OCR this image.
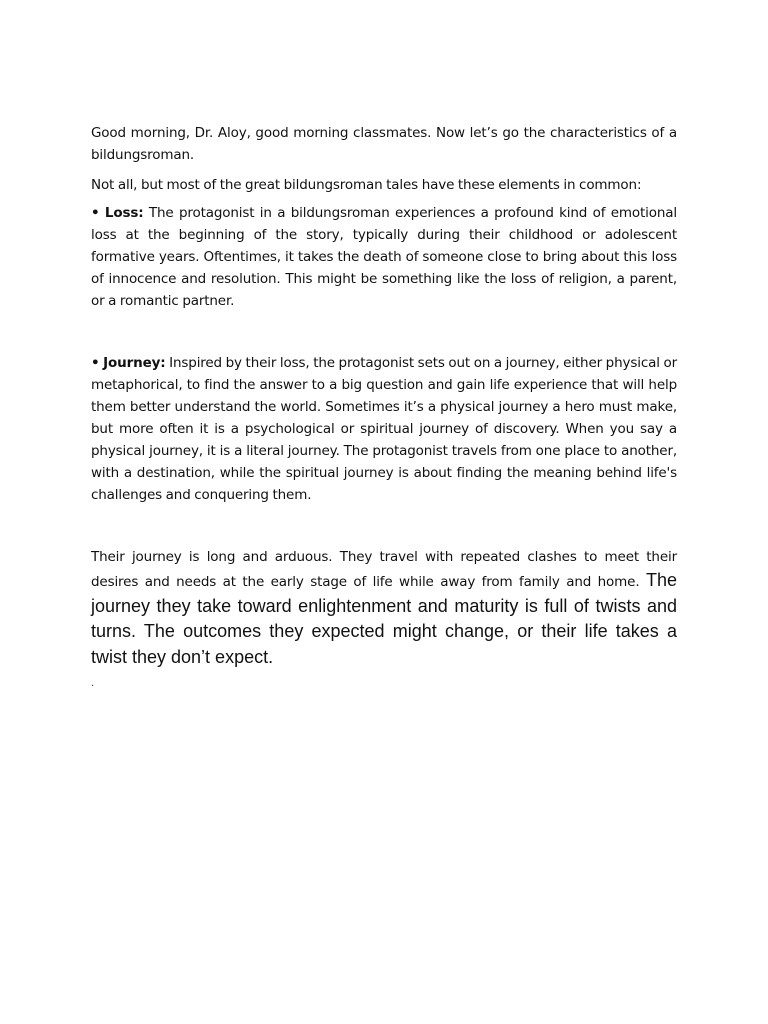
Good morning, Dr. Aloy, good morning classmates. Now let’s go the characteristics of a bildungsroman.

Not all, but most of the great bildungsroman tales have these elements in common:

• Loss: The protagonist in a bildungsroman experiences a profound kind of emotional loss at the beginning of the story, typically during their childhood or adolescent formative years. Oftentimes, it takes the death of someone close to bring about this loss of innocence and resolution. This might be something like the loss of religion, a parent, or a romantic partner.

• Journey: Inspired by their loss, the protagonist sets out on a journey, either physical or metaphorical, to find the answer to a big question and gain life experience that will help them better understand the world. Sometimes it’s a physical journey a hero must make, but more often it is a psychological or spiritual journey of discovery. When you say a physical journey, it is a literal journey. The protagonist travels from one place to another, with a destination, while the spiritual journey is about finding the meaning behind life's challenges and conquering them.

Their journey is long and arduous. They travel with repeated clashes to meet their desires and needs at the early stage of life while away from family and home. The journey they take toward enlightenment and maturity is full of twists and turns. The outcomes they expected might change, or their life takes a twist they don’t expect.

.
